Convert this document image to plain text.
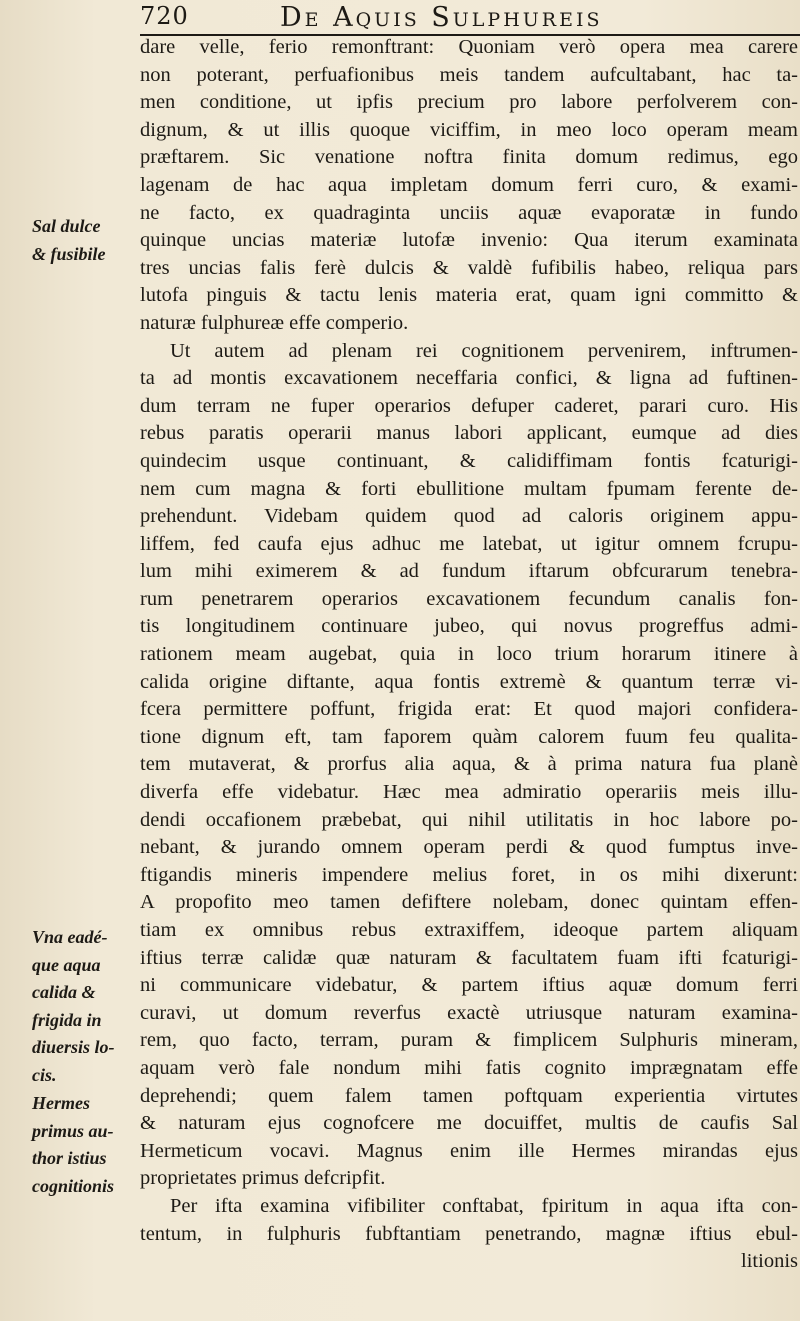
720	De Aquis Sulphureis
Sal dulce
& fusibile
Vna eadé-
que aqua
calida &
frigida in
diuersis lo-
cis.
Hermes
primus au-
thor istius
cognitionis
dare velle, ferio remonftrant: Quoniam verò opera mea carere
non poterant, perfuafionibus meis tandem aufcultabant, hac ta-
men conditione, ut ipfis precium pro labore perfolverem con-
dignum, & ut illis quoque viciffim, in meo loco operam meam
præftarem. Sic venatione noftra finita domum redimus, ego
lagenam de hac aqua impletam domum ferri curo, & exami-
ne facto, ex quadraginta unciis aquæ evaporatæ in fundo
quinque uncias materiæ lutofæ invenio: Qua iterum examinata
tres uncias falis ferè dulcis & valdè fufibilis habeo, reliqua pars
lutofa pinguis & tactu lenis materia erat, quam igni committo &
naturæ fulphureæ effe comperio.
Ut autem ad plenam rei cognitionem pervenirem, inftrumen-
ta ad montis excavationem neceffaria confici, & ligna ad fuftinen-
dum terram ne fuper operarios defuper caderet, parari curo. His
rebus paratis operarii manus labori applicant, eumque ad dies
quindecim usque continuant, & calidiffimam fontis fcaturigi-
nem cum magna & forti ebullitione multam fpumam ferente de-
prehendunt. Videbam quidem quod ad caloris originem appu-
liffem, fed caufa ejus adhuc me latebat, ut igitur omnem fcrupu-
lum mihi eximerem & ad fundum iftarum obfcurarum tenebra-
rum penetrarem operarios excavationem fecundum canalis fon-
tis longitudinem continuare jubeo, qui novus progreffus admi-
rationem meam augebat, quia in loco trium horarum itinere à
calida origine diftante, aqua fontis extremè & quantum terræ vi-
fcera permittere poffunt, frigida erat: Et quod majori confidera-
tione dignum eft, tam faporem quàm calorem fuum feu qualita-
tem mutaverat, & prorfus alia aqua, & à prima natura fua planè
diverfa effe videbatur. Hæc mea admiratio operariis meis illu-
dendi occafionem præbebat, qui nihil utilitatis in hoc labore po-
nebant, & jurando omnem operam perdi & quod fumptus inve-
ftigandis mineris impendere melius foret, in os mihi dixerunt:
A propofito meo tamen defiftere nolebam, donec quintam effen-
tiam ex omnibus rebus extraxiffem, ideoque partem aliquam
iftius terræ calidæ quæ naturam & facultatem fuam ifti fcaturigi-
ni communicare videbatur, & partem iftius aquæ domum ferri
curavi, ut domum reverfus exactè utriusque naturam examina-
rem, quo facto, terram, puram & fimplicem Sulphuris mineram,
aquam verò fale nondum mihi fatis cognito imprægnatam effe
deprehendi; quem falem tamen poftquam experientia virtutes
& naturam ejus cognofcere me docuiffet, multis de caufis Sal
Hermeticum vocavi. Magnus enim ille Hermes mirandas ejus
proprietates primus defcripfit.
Per ifta examina vifibiliter conftabat, fpiritum in aqua ifta con-
tentum, in fulphuris fubftantiam penetrando, magnæ iftius ebul-
litionis
